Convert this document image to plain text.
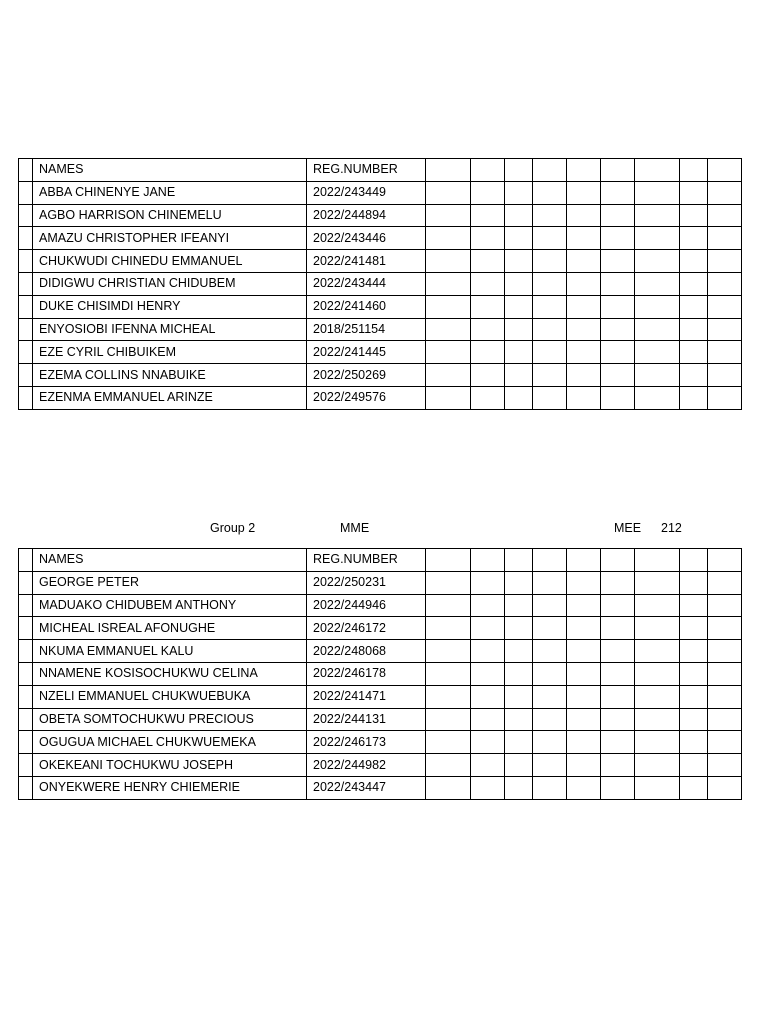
	NAMES	REG.NUMBER									
	ABBA CHINENYE JANE	2022/243449									
	AGBO HARRISON CHINEMELU	2022/244894									
	AMAZU CHRISTOPHER IFEANYI	2022/243446									
	CHUKWUDI CHINEDU EMMANUEL	2022/241481									
	DIDIGWU CHRISTIAN CHIDUBEM	2022/243444									
	DUKE CHISIMDI HENRY	2022/241460									
	ENYOSIOBI IFENNA MICHEAL	2018/251154									
	EZE CYRIL CHIBUIKEM	2022/241445									
	EZEMA COLLINS NNABUIKE	2022/250269									
	EZENMA EMMANUEL ARINZE	2022/249576									
Group 2	MME	MEE 212
	NAMES	REG.NUMBER									
	GEORGE PETER	2022/250231									
	MADUAKO CHIDUBEM ANTHONY	2022/244946									
	MICHEAL ISREAL AFONUGHE	2022/246172									
	NKUMA EMMANUEL KALU	2022/248068									
	NNAMENE KOSISOCHUKWU CELINA	2022/246178									
	NZELI EMMANUEL CHUKWUEBUKA	2022/241471									
	OBETA SOMTOCHUKWU PRECIOUS	2022/244131									
	OGUGUA MICHAEL CHUKWUEMEKA	2022/246173									
	OKEKEANI TOCHUKWU JOSEPH	2022/244982									
	ONYEKWERE HENRY CHIEMERIE	2022/243447									
